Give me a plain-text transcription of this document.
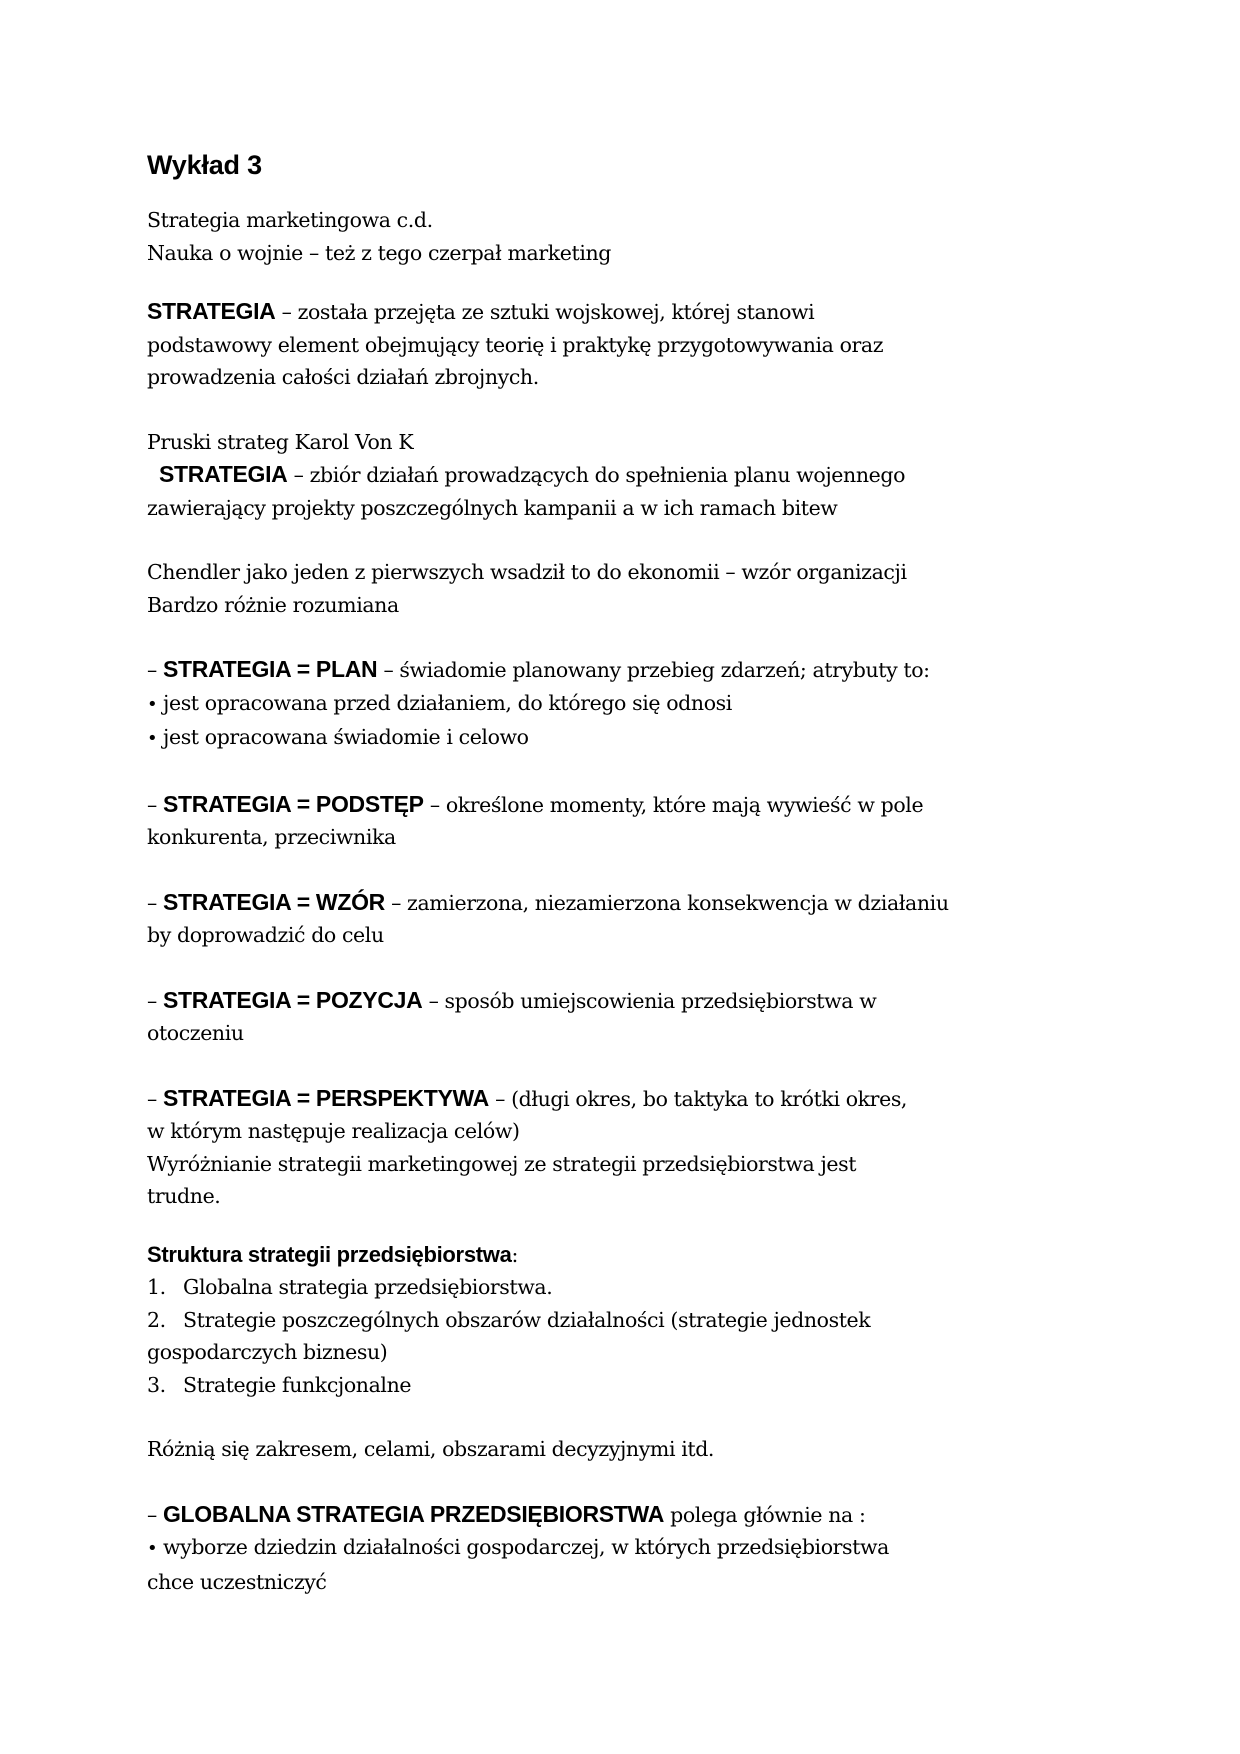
Wykład 3

Strategia marketingowa c.d.

Nauka o wojnie – też z tego czerpał marketing

STRATEGIA – została przejęta ze sztuki wojskowej, której stanowi

podstawowy element obejmujący teorię i praktykę przygotowywania oraz

prowadzenia całości działań zbrojnych.

Pruski strateg Karol Von K

STRATEGIA – zbiór działań prowadzących do spełnienia planu wojennego

zawierający projekty poszczególnych kampanii a w ich ramach bitew

Chendler jako jeden z pierwszych wsadził to do ekonomii – wzór organizacji

Bardzo różnie rozumiana

– STRATEGIA = PLAN – świadomie planowany przebieg zdarzeń; atrybuty to:

• jest opracowana przed działaniem, do którego się odnosi

• jest opracowana świadomie i celowo

– STRATEGIA = PODSTĘP – określone momenty, które mają wywieść w pole

konkurenta, przeciwnika

– STRATEGIA = WZÓR – zamierzona, niezamierzona konsekwencja w działaniu

by doprowadzić do celu

– STRATEGIA = POZYCJA – sposób umiejscowienia przedsiębiorstwa w

otoczeniu

– STRATEGIA = PERSPEKTYWA – (długi okres, bo taktyka to krótki okres,

w którym następuje realizacja celów)

Wyróżnianie strategii marketingowej ze strategii przedsiębiorstwa jest

trudne.

Struktura strategii przedsiębiorstwa:

1. Globalna strategia przedsiębiorstwa.

2. Strategie poszczególnych obszarów działalności (strategie jednostek

gospodarczych biznesu)

3. Strategie funkcjonalne

Różnią się zakresem, celami, obszarami decyzyjnymi itd.

– GLOBALNA STRATEGIA PRZEDSIĘBIORSTWA polega głównie na :

• wyborze dziedzin działalności gospodarczej, w których przedsiębiorstwa

chce uczestniczyć
